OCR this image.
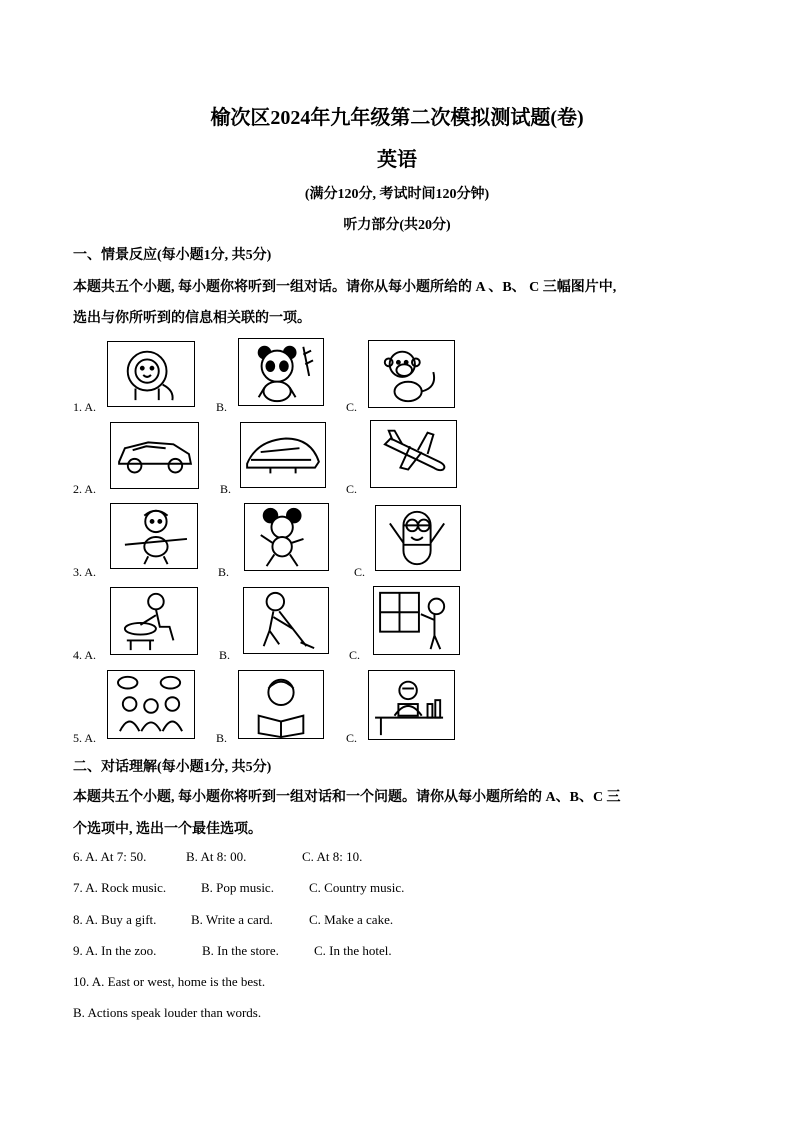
榆次区2024年九年级第二次模拟测试题(卷)
英语
(满分120分, 考试时间120分钟)
听力部分(共20分)
一、情景反应(每小题1分, 共5分)
本题共五个小题, 每小题你将听到一组对话。请你从每小题所给的 A 、B、 C 三幅图片中,
选出与你所听到的信息相关联的一项。
1. A.	B.	C.
2. A.	B.	C.
3. A.	B.	C.
4. A.	B.	C.
5. A.	B.	C.
二、对话理解(每小题1分, 共5分)
本题共五个小题, 每小题你将听到一组对话和一个问题。请你从每小题所给的 A、B、C 三
个选项中, 选出一个最佳选项。
6. A. At 7: 50.	B. At 8: 00.	C. At 8: 10.
7. A. Rock music.	B. Pop music.	C. Country music.
8. A. Buy a gift.	B. Write a card.	C. Make a cake.
9. A. In the zoo.	B. In the store.	C. In the hotel.
10. A. East or west, home is the best.
B. Actions speak louder than words.
